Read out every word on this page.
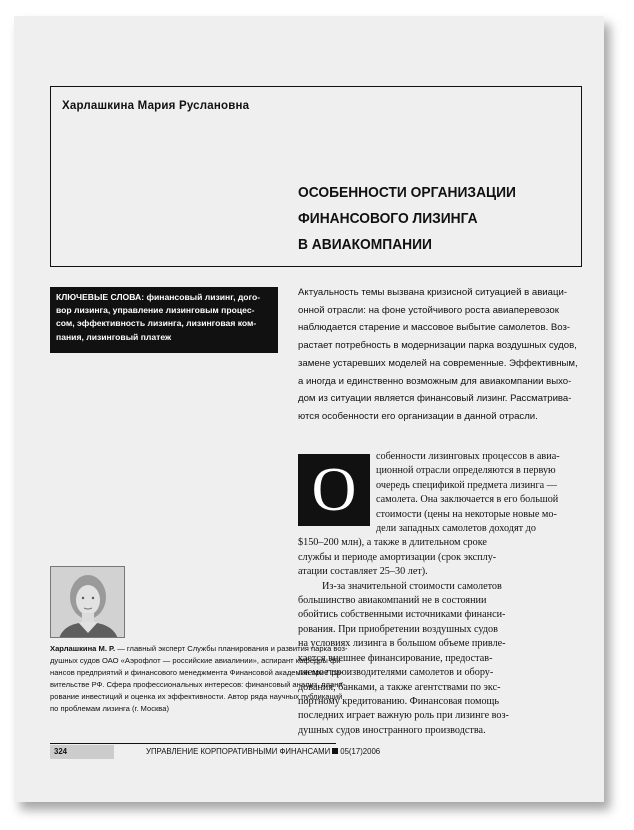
Харлашкина Мария Руслановна
ОСОБЕННОСТИ ОРГАНИЗАЦИИ
ФИНАНСОВОГО ЛИЗИНГА
В АВИАКОМПАНИИ
КЛЮЧЕВЫЕ СЛОВА: финансовый лизинг, дого-
вор лизинга, управление лизинговым процес-
сом, эффективность лизинга, лизинговая ком-
пания, лизинговый платеж
Актуальность темы вызвана кризисной ситуацией в авиаци-
онной отрасли: на фоне устойчивого роста авиаперевозок
наблюдается старение и массовое выбытие самолетов. Воз-
растает потребность в модернизации парка воздушных судов,
замене устаревших моделей на современные. Эффективным,
а иногда и единственно возможным для авиакомпании выхо-
дом из ситуации является финансовый лизинг. Рассматрива-
ются особенности его организации в данной отрасли.
О	собенности лизинговых процессов в авиа-
ционной отрасли определяются в первую
очередь спецификой предмета лизинга —
самолета. Она заключается в его большой
стоимости (цены на некоторые новые мо-
дели западных самолетов доходят до
$150–200 млн), а также в длительном сроке
службы и периоде амортизации (срок эксплу-
атации составляет 25–30 лет).
Из-за значительной стоимости самолетов
большинство авиакомпаний не в состоянии
обойтись собственными источниками финанси-
рования. При приобретении воздушных судов
на условиях лизинга в большом объеме привле-
кается внешнее финансирование, предостав-
ляемое производителями самолетов и обору-
дования, банками, а также агентствами по экс-
портному кредитованию. Финансовая помощь
последних играет важную роль при лизинге воз-
душных судов иностранного производства.
Харлашкина М. Р. — главный эксперт Службы планирования и развития парка воз-
душных судов ОАО «Аэрофлот — российские авиалинии», аспирант кафедры фи-
нансов предприятий и финансового менеджмента Финансовой академии при Пра-
вительстве РФ. Сфера профессиональных интересов: финансовый анализ, плани-
рование инвестиций и оценка их эффективности. Автор ряда научных публикаций
по проблемам лизинга (г. Москва)
324	УПРАВЛЕНИЕ КОРПОРАТИВНЫМИ ФИНАНСАМИ 05(17)2006
